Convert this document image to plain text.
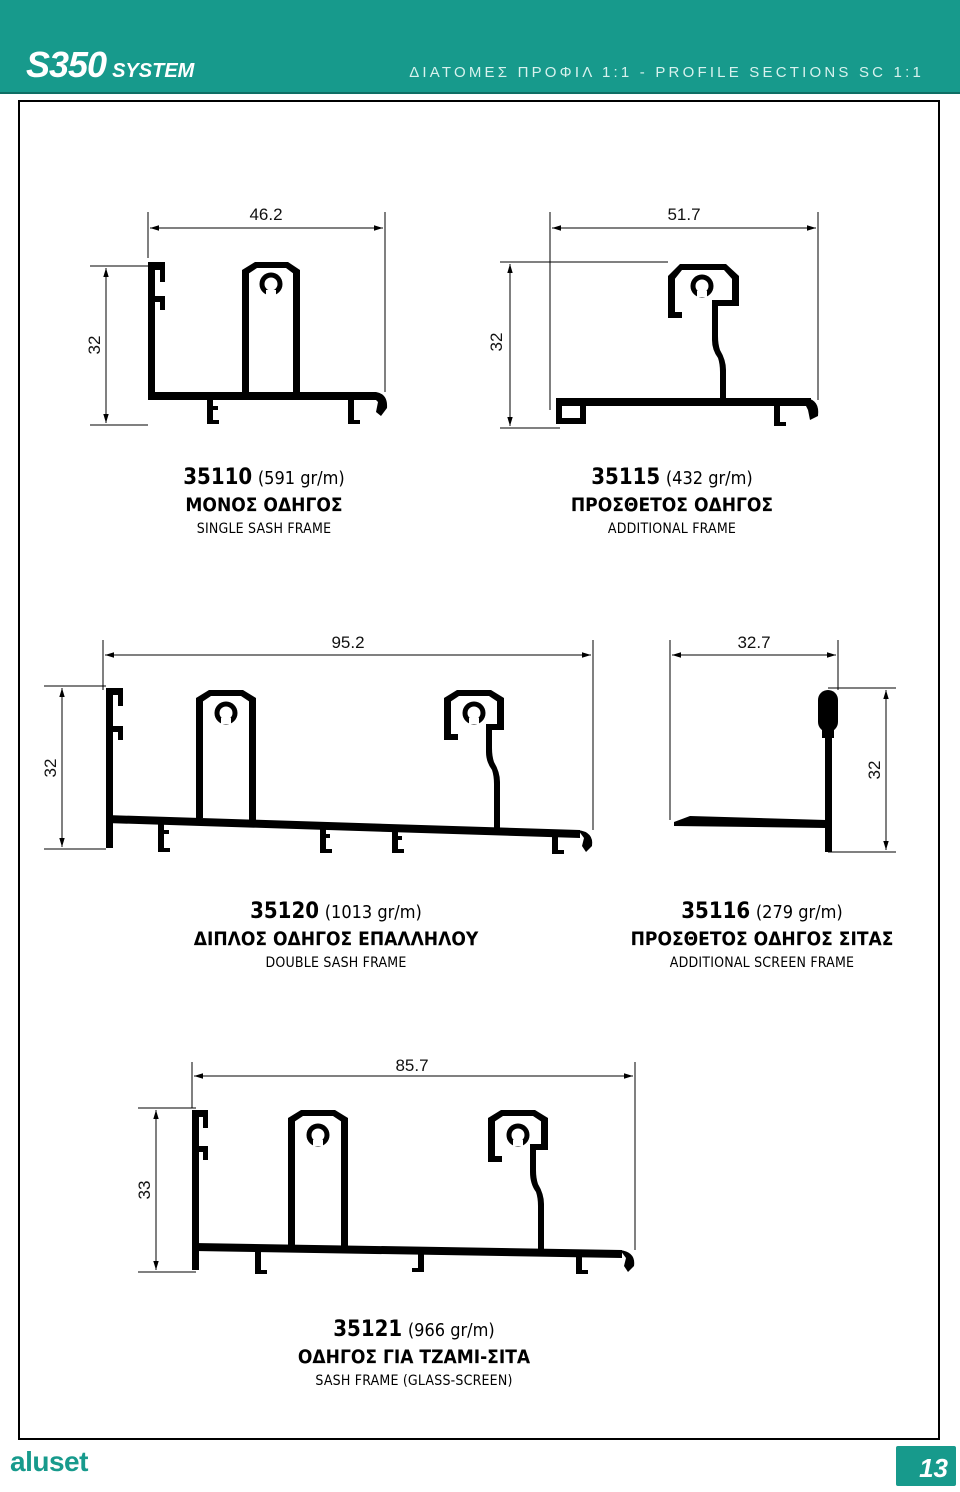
S350 SYSTEM	ΔΙΑΤΟΜΕΣ ΠΡΟΦΙΛ 1:1 - PROFILE SECTIONS SC 1:1
46.2
32
51.7
32
95.2
32
32.7
32
85.7
33
35110 (591 gr/m)
ΜΟΝΟΣ ΟΔΗΓΟΣ
SINGLE SASH FRAME
35115 (432 gr/m)
ΠΡΟΣΘΕΤΟΣ ΟΔΗΓΟΣ
ADDITIONAL FRAME
35120 (1013 gr/m)
ΔΙΠΛΟΣ ΟΔΗΓΟΣ ΕΠΑΛΛΗΛΟΥ
DOUBLE SASH FRAME
35116 (279 gr/m)
ΠΡΟΣΘΕΤΟΣ ΟΔΗΓΟΣ ΣΙΤΑΣ
ADDITIONAL SCREEN FRAME
35121 (966 gr/m)
ΟΔΗΓΟΣ ΓΙΑ ΤΖΑΜΙ-ΣΙΤΑ
SASH FRAME (GLASS-SCREEN)
aluset	13
